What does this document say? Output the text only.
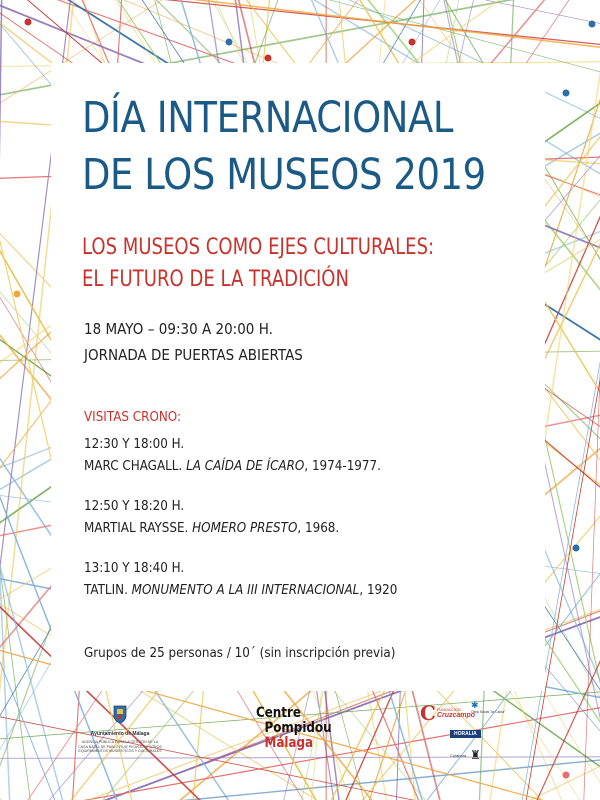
DÍA INTERNACIONAL
DE LOS MUSEOS 2019
LOS MUSEOS COMO EJES CULTURALES:
EL FUTURO DE LA TRADICIÓN
18 MAYO – 09:30 A 20:00 H.
JORNADA DE PUERTAS ABIERTAS
VISITAS CRONO:
12:30 Y 18:00 H.
MARC CHAGALL. LA CAÍDA DE ÍCARO, 1974-1977.
12:50 Y 18:20 H.
MARTIAL RAYSSE. HOMERO PRESTO, 1968.
13:10 Y 18:40 H.
TATLIN. MONUMENTO A LA III INTERNACIONAL, 1920
Grupos de 25 personas / 10´ (sin inscripción previa)
Ayuntamiento de Málaga
AGENCIA PÚBLICA PARA LA GESTIÓN DE LA CASA NATAL DE PABLO RUIZ PICASSO Y OTROS EQUIPAMIENTOS MUSEÍSTICOS Y CULTURALES
Centre
Pompidou
Málaga
C FUNDACIÓN
Cruzcampo
✱
Obra Social "la Caixa"
HORALIA
Colabora ♜
